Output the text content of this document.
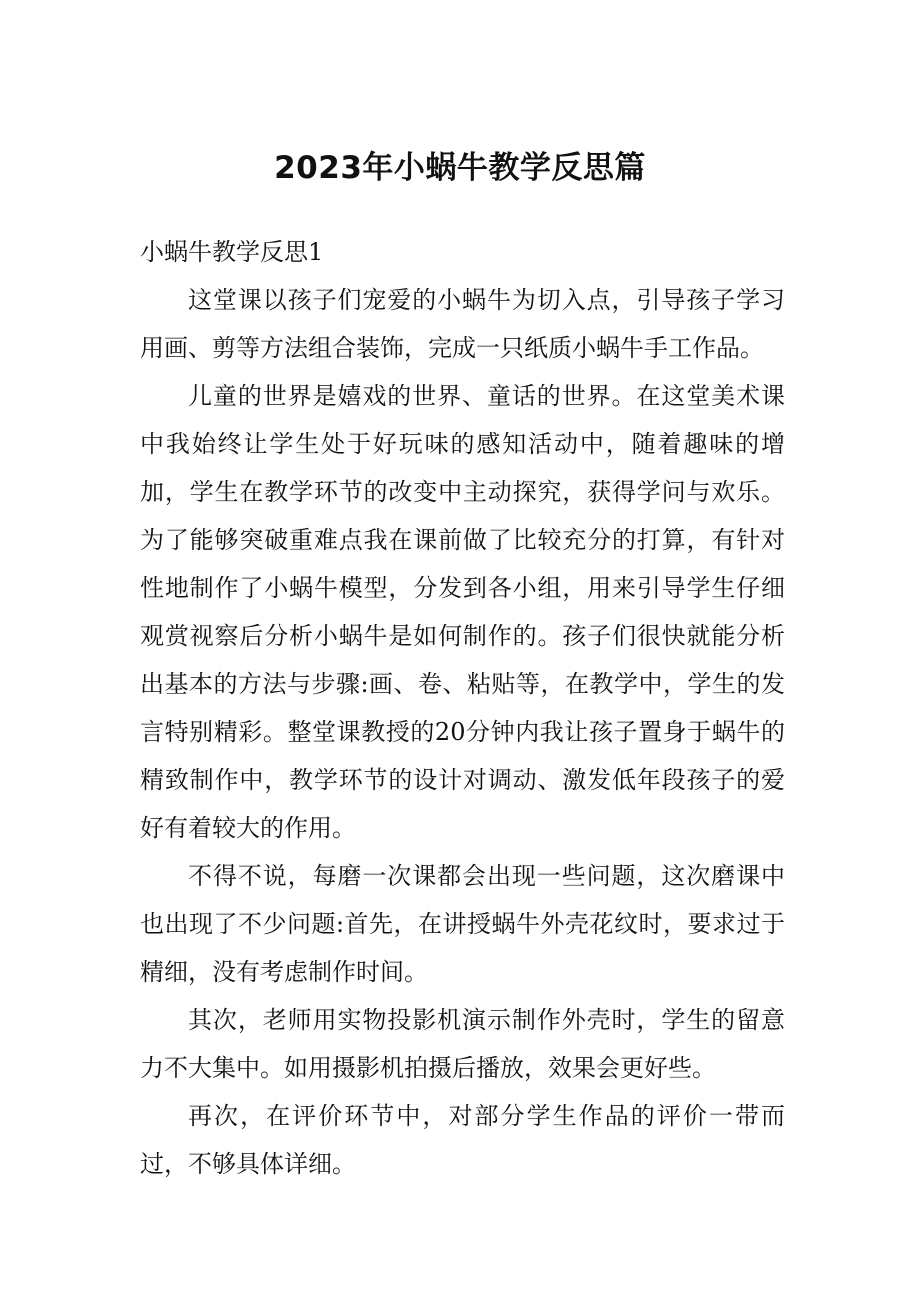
2023年小蜗牛教学反思篇

小蜗牛教学反思1

这堂课以孩子们宠爱的小蜗牛为切入点，引导孩子学习用画、剪等方法组合装饰，完成一只纸质小蜗牛手工作品。

儿童的世界是嬉戏的世界、童话的世界。在这堂美术课中我始终让学生处于好玩味的感知活动中，随着趣味的增加，学生在教学环节的改变中主动探究，获得学问与欢乐。为了能够突破重难点我在课前做了比较充分的打算，有针对性地制作了小蜗牛模型，分发到各小组，用来引导学生仔细观赏视察后分析小蜗牛是如何制作的。孩子们很快就能分析出基本的方法与步骤:画、卷、粘贴等，在教学中，学生的发言特别精彩。整堂课教授的20分钟内我让孩子置身于蜗牛的精致制作中，教学环节的设计对调动、激发低年段孩子的爱好有着较大的作用。

不得不说，每磨一次课都会出现一些问题，这次磨课中也出现了不少问题:首先，在讲授蜗牛外壳花纹时，要求过于精细，没有考虑制作时间。

其次，老师用实物投影机演示制作外壳时，学生的留意力不大集中。如用摄影机拍摄后播放，效果会更好些。

再次，在评价环节中，对部分学生作品的评价一带而过，不够具体详细。
